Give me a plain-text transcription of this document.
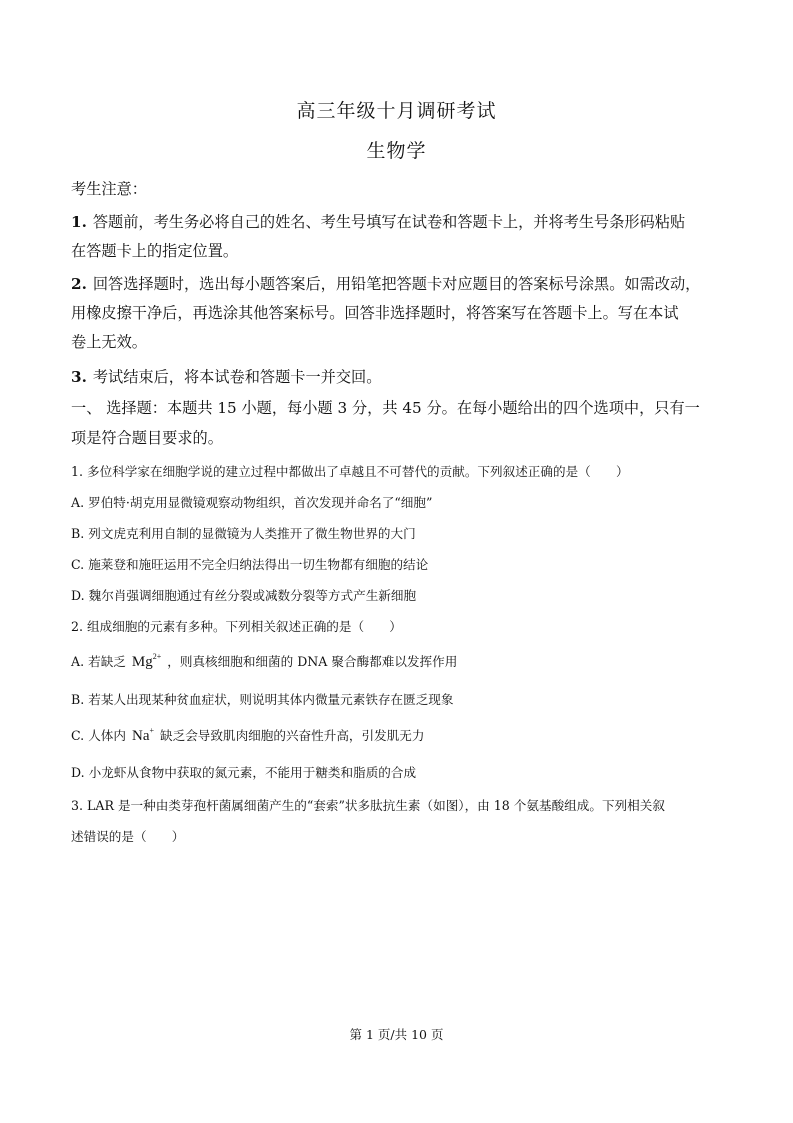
高三年级十月调研考试
生物学
考生注意：
1. 答题前，考生务必将自己的姓名、考生号填写在试卷和答题卡上，并将考生号条形码粘贴
在答题卡上的指定位置。
2. 回答选择题时，选出每小题答案后，用铅笔把答题卡对应题目的答案标号涂黑。如需改动，
用橡皮擦干净后，再选涂其他答案标号。回答非选择题时，将答案写在答题卡上。写在本试
卷上无效。
3. 考试结束后，将本试卷和答题卡一并交回。
一、 选择题：本题共 15 小题，每小题 3 分，共 45 分。在每小题给出的四个选项中，只有一
项是符合题目要求的。
1. 多位科学家在细胞学说的建立过程中都做出了卓越且不可替代的贡献。下列叙述正确的是（　　）
A. 罗伯特·胡克用显微镜观察动物组织，首次发现并命名了“细胞”
B. 列文虎克利用自制的显微镜为人类推开了微生物世界的大门
C. 施莱登和施旺运用不完全归纳法得出一切生物都有细胞的结论
D. 魏尔肖强调细胞通过有丝分裂或减数分裂等方式产生新细胞
2. 组成细胞的元素有多种。下列相关叙述正确的是（　　）
A. 若缺乏 $Mg^{2+}$ ，则真核细胞和细菌的 DNA 聚合酶都难以发挥作用
B. 若某人出现某种贫血症状，则说明其体内微量元素铁存在匮乏现象
C. 人体内 Na+ 缺乏会导致肌肉细胞的兴奋性升高，引发肌无力
D. 小龙虾从食物中获取的氮元素，不能用于糖类和脂质的合成
3. LAR 是一种由类芽孢杆菌属细菌产生的“套索”状多肽抗生素（如图），由 18 个氨基酸组成。下列相关叙
述错误的是（　　）
第 1 页/共 10 页
